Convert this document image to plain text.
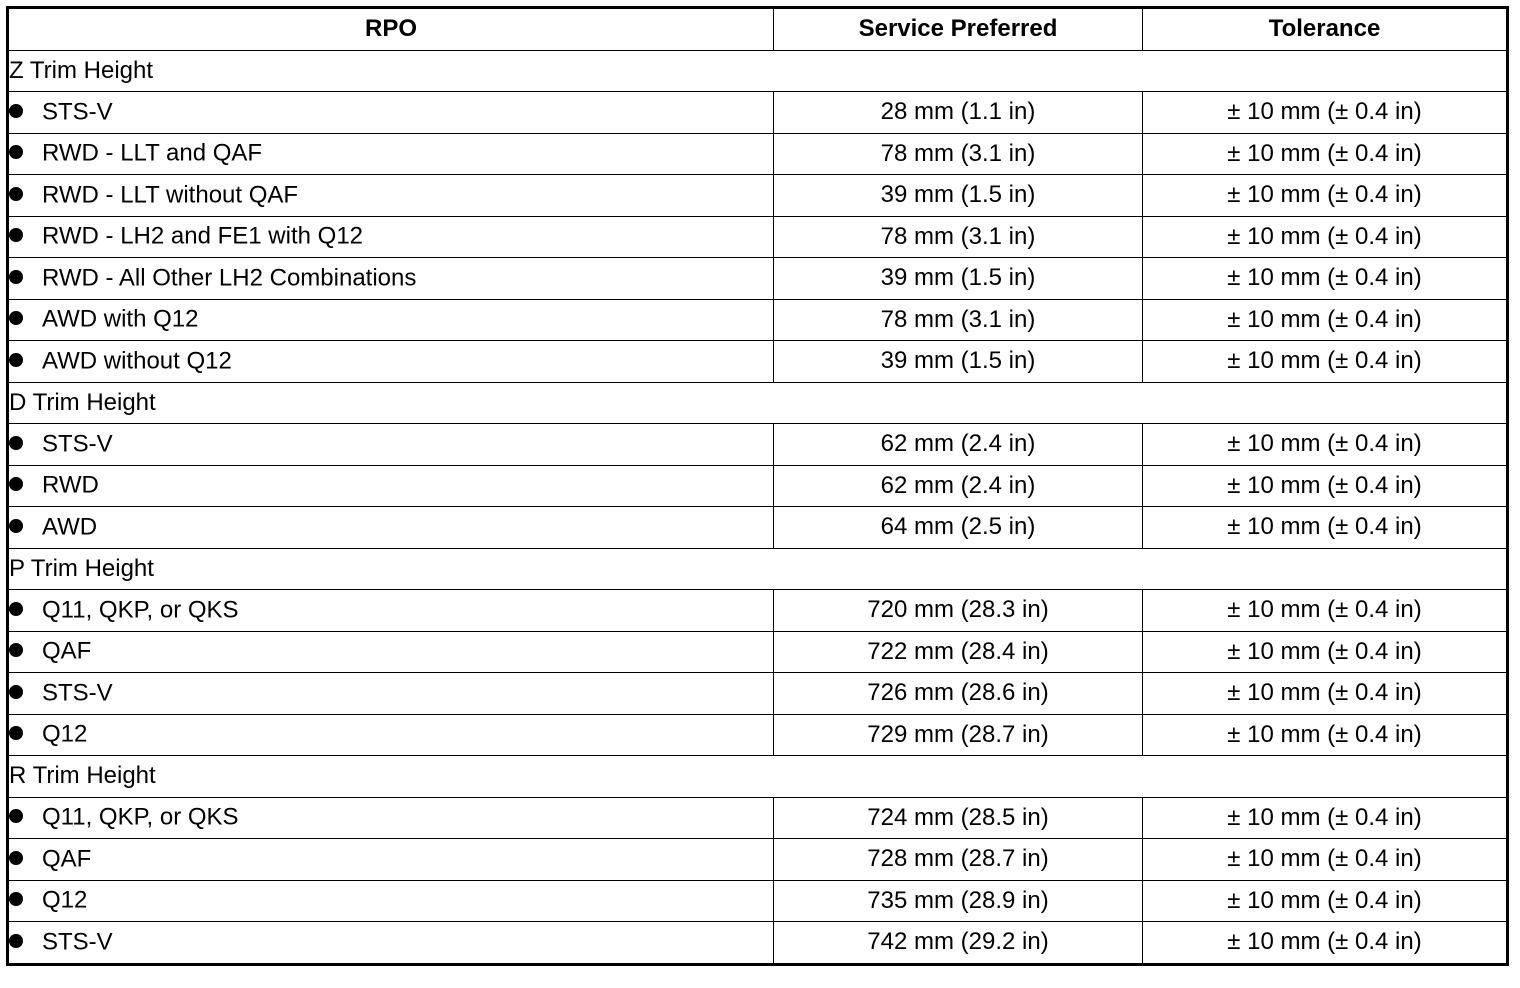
RPO	Service Preferred	Tolerance
Z Trim Height		
STS-V	28 mm (1.1 in)	± 10 mm (± 0.4 in)
RWD - LLT and QAF	78 mm (3.1 in)	± 10 mm (± 0.4 in)
RWD - LLT without QAF	39 mm (1.5 in)	± 10 mm (± 0.4 in)
RWD - LH2 and FE1 with Q12	78 mm (3.1 in)	± 10 mm (± 0.4 in)
RWD - All Other LH2 Combinations	39 mm (1.5 in)	± 10 mm (± 0.4 in)
AWD with Q12	78 mm (3.1 in)	± 10 mm (± 0.4 in)
AWD without Q12	39 mm (1.5 in)	± 10 mm (± 0.4 in)
D Trim Height		
STS-V	62 mm (2.4 in)	± 10 mm (± 0.4 in)
RWD	62 mm (2.4 in)	± 10 mm (± 0.4 in)
AWD	64 mm (2.5 in)	± 10 mm (± 0.4 in)
P Trim Height		
Q11, QKP, or QKS	720 mm (28.3 in)	± 10 mm (± 0.4 in)
QAF	722 mm (28.4 in)	± 10 mm (± 0.4 in)
STS-V	726 mm (28.6 in)	± 10 mm (± 0.4 in)
Q12	729 mm (28.7 in)	± 10 mm (± 0.4 in)
R Trim Height		
Q11, QKP, or QKS	724 mm (28.5 in)	± 10 mm (± 0.4 in)
QAF	728 mm (28.7 in)	± 10 mm (± 0.4 in)
Q12	735 mm (28.9 in)	± 10 mm (± 0.4 in)
STS-V	742 mm (29.2 in)	± 10 mm (± 0.4 in)
